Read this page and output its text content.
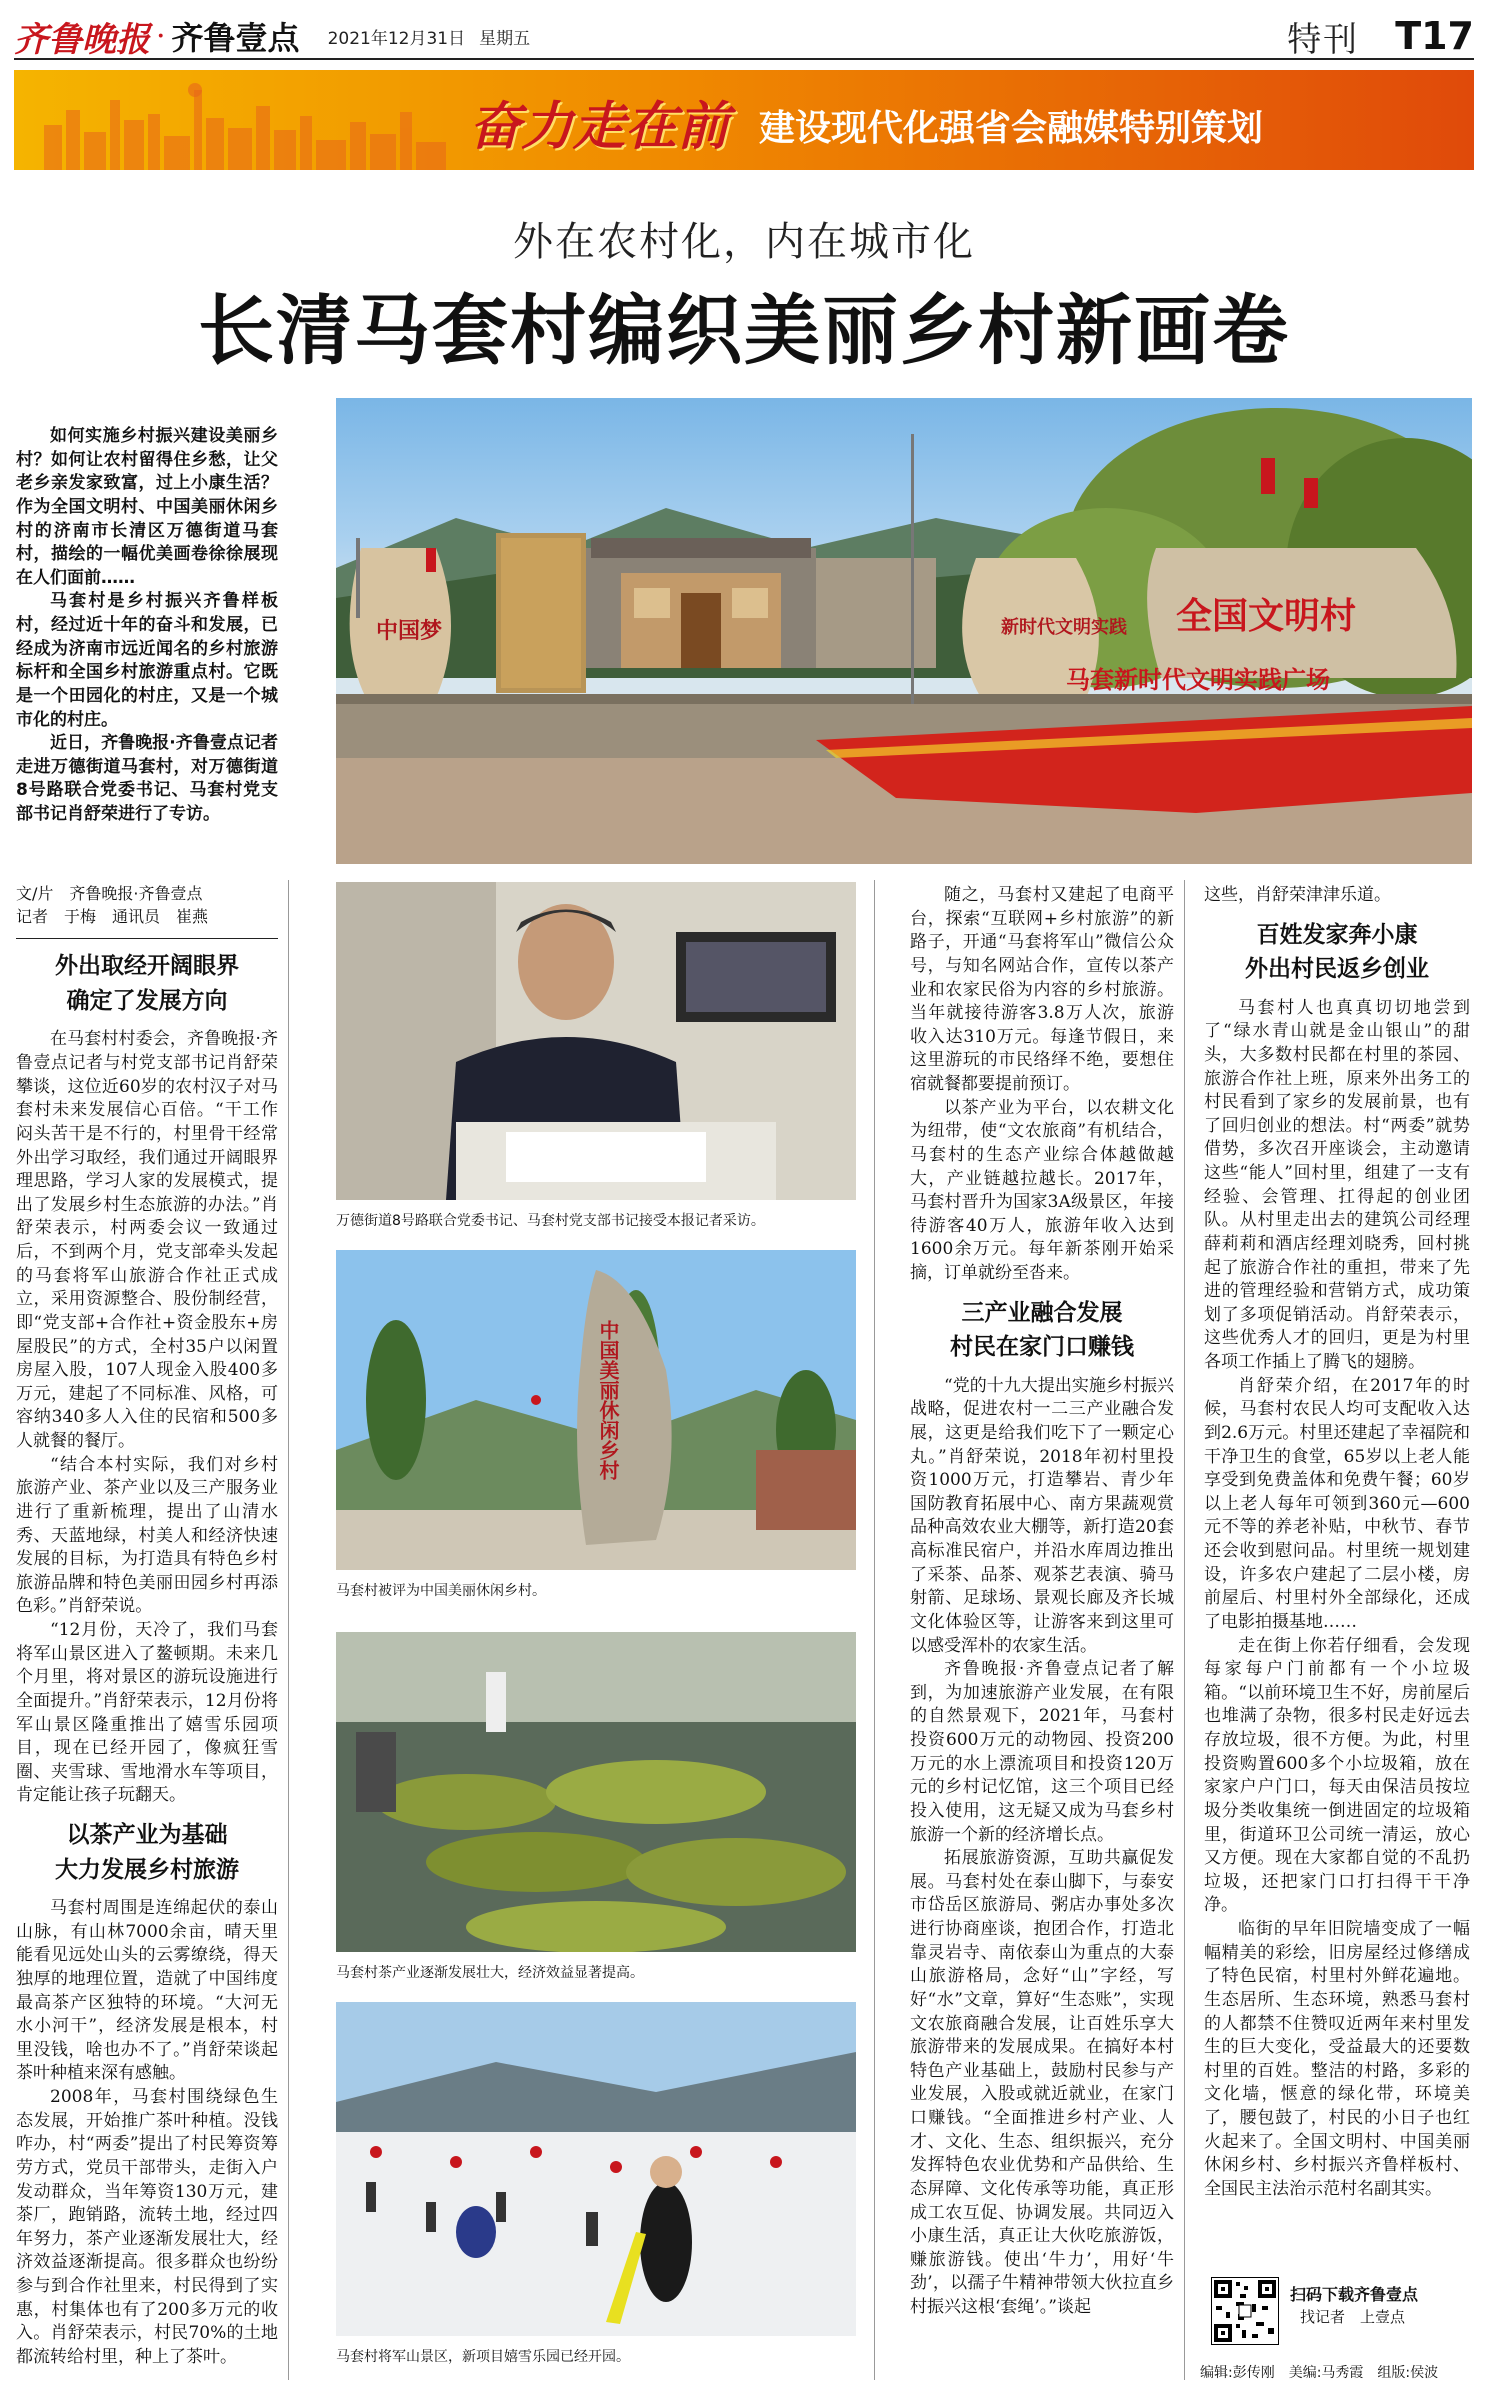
齐鲁晚报 · 齐鲁壹点 2021年12月31日 星期五	特刊 T17
奋力走在前 建设现代化强省会融媒特别策划
外在农村化，内在城市化
长清马套村编织美丽乡村新画卷

如何实施乡村振兴建设美丽乡村？如何让农村留得住乡愁，让父老乡亲发家致富，过上小康生活？作为全国文明村、中国美丽休闲乡村的济南市长清区万德街道马套村，描绘的一幅优美画卷徐徐展现在人们面前……

马套村是乡村振兴齐鲁样板村，经过近十年的奋斗和发展，已经成为济南市远近闻名的乡村旅游标杆和全国乡村旅游重点村。它既是一个田园化的村庄，又是一个城市化的村庄。

近日，齐鲁晚报·齐鲁壹点记者走进万德街道马套村，对万德街道8号路联合党委书记、马套村党支部书记肖舒荣进行了专访。

中国梦	新时代文明实践 全国文明村
马套新时代文明实践广场
文/片　齐鲁晚报·齐鲁壹点
记者　于梅　通讯员　崔燕
外出取经开阔眼界
确定了发展方向

在马套村村委会，齐鲁晚报·齐鲁壹点记者与村党支部书记肖舒荣攀谈，这位近60岁的农村汉子对马套村未来发展信心百倍。“干工作闷头苦干是不行的，村里骨干经常外出学习取经，我们通过开阔眼界理思路，学习人家的发展模式，提出了发展乡村生态旅游的办法。”肖舒荣表示，村两委会议一致通过后，不到两个月，党支部牵头发起的马套将军山旅游合作社正式成立，采用资源整合、股份制经营，即“党支部+合作社+资金股东+房屋股民”的方式，全村35户以闲置房屋入股，107人现金入股400多万元，建起了不同标准、风格，可容纳340多人入住的民宿和500多人就餐的餐厅。

“结合本村实际，我们对乡村旅游产业、茶产业以及三产服务业进行了重新梳理，提出了山清水秀、天蓝地绿，村美人和经济快速发展的目标，为打造具有特色乡村旅游品牌和特色美丽田园乡村再添色彩。”肖舒荣说。

“12月份，天冷了，我们马套将军山景区进入了鳌顿期。未来几个月里，将对景区的游玩设施进行全面提升。”肖舒荣表示，12月份将军山景区隆重推出了嬉雪乐园项目，现在已经开园了，像疯狂雪圈、夹雪球、雪地滑水车等项目，肯定能让孩子玩翻天。

以茶产业为基础
大力发展乡村旅游

马套村周围是连绵起伏的泰山山脉，有山林7000余亩，晴天里能看见远处山头的云雾缭绕，得天独厚的地理位置，造就了中国纬度最高茶产区独特的环境。“大河无水小河干”，经济发展是根本，村里没钱，啥也办不了。”肖舒荣谈起茶叶种植来深有感触。

2008年，马套村围绕绿色生态发展，开始推广茶叶种植。没钱咋办，村“两委”提出了村民筹资筹劳方式，党员干部带头，走街入户发动群众，当年筹资130万元，建茶厂，跑销路，流转土地，经过四年努力，茶产业逐渐发展壮大，经济效益逐渐提高。很多群众也纷纷参与到合作社里来，村民得到了实惠，村集体也有了200多万元的收入。肖舒荣表示，村民70%的土地都流转给村里，种上了茶叶。

万德街道8号路联合党委书记、马套村党支部书记接受本报记者采访。
中国美丽休闲乡村
马套村被评为中国美丽休闲乡村。
马套村茶产业逐渐发展壮大，经济效益显著提高。
马套村将军山景区，新项目嬉雪乐园已经开园。

随之，马套村又建起了电商平台，探索“互联网+乡村旅游”的新路子，开通“马套将军山”微信公众号，与知名网站合作，宣传以茶产业和农家民俗为内容的乡村旅游。当年就接待游客3.8万人次，旅游收入达310万元。每逢节假日，来这里游玩的市民络绎不绝，要想住宿就餐都要提前预订。

以茶产业为平台，以农耕文化为纽带，使“文农旅商”有机结合，马套村的生态产业综合体越做越大，产业链越拉越长。2017年，马套村晋升为国家3A级景区，年接待游客40万人，旅游年收入达到1600余万元。每年新茶刚开始采摘，订单就纷至沓来。

三产业融合发展
村民在家门口赚钱

“党的十九大提出实施乡村振兴战略，促进农村一二三产业融合发展，这更是给我们吃下了一颗定心丸。”肖舒荣说，2018年初村里投资1000万元，打造攀岩、青少年国防教育拓展中心、南方果蔬观赏品种高效农业大棚等，新打造20套高标准民宿户，并沿水库周边推出了采茶、品茶、观茶艺表演、骑马射箭、足球场、景观长廊及齐长城文化体验区等，让游客来到这里可以感受浑朴的农家生活。

齐鲁晚报·齐鲁壹点记者了解到，为加速旅游产业发展，在有限的自然景观下，2021年，马套村投资600万元的动物园、投资200万元的水上漂流项目和投资120万元的乡村记忆馆，这三个项目已经投入使用，这无疑又成为马套乡村旅游一个新的经济增长点。

拓展旅游资源，互助共赢促发展。马套村处在泰山脚下，与泰安市岱岳区旅游局、粥店办事处多次进行协商座谈，抱团合作，打造北靠灵岩寺、南依泰山为重点的大泰山旅游格局，念好“山”字经，写好“水”文章，算好“生态账”，实现文农旅商融合发展，让百姓乐享大旅游带来的发展成果。在搞好本村特色产业基础上，鼓励村民参与产业发展，入股或就近就业，在家门口赚钱。“全面推进乡村产业、人才、文化、生态、组织振兴，充分发挥特色农业优势和产品供给、生态屏障、文化传承等功能，真正形成工农互促、协调发展。共同迈入小康生活，真正让大伙吃旅游饭，赚旅游钱。使出‘牛力’，用好‘牛劲’，以孺子牛精神带领大伙拉直乡村振兴这根‘套绳’。”谈起

这些，肖舒荣津津乐道。
百姓发家奔小康
外出村民返乡创业

马套村人也真真切切地尝到了“绿水青山就是金山银山”的甜头，大多数村民都在村里的茶园、旅游合作社上班，原来外出务工的村民看到了家乡的发展前景，也有了回归创业的想法。村“两委”就势借势，多次召开座谈会，主动邀请这些“能人”回村里，组建了一支有经验、会管理、扛得起的创业团队。从村里走出去的建筑公司经理薛莉莉和酒店经理刘晓秀，回村挑起了旅游合作社的重担，带来了先进的管理经验和营销方式，成功策划了多项促销活动。肖舒荣表示，这些优秀人才的回归，更是为村里各项工作插上了腾飞的翅膀。

肖舒荣介绍，在2017年的时候，马套村农民人均可支配收入达到2.6万元。村里还建起了幸福院和干净卫生的食堂，65岁以上老人能享受到免费盖体和免费午餐；60岁以上老人每年可领到360元—600元不等的养老补贴，中秋节、春节还会收到慰问品。村里统一规划建设，许多农户建起了二层小楼，房前屋后、村里村外全部绿化，还成了电影拍摄基地……

走在街上你若仔细看，会发现每家每户门前都有一个小垃圾箱。“以前环境卫生不好，房前屋后也堆满了杂物，很多村民走好远去存放垃圾，很不方便。为此，村里投资购置600多个小垃圾箱，放在家家户户门口，每天由保洁员按垃圾分类收集统一倒进固定的垃圾箱里，街道环卫公司统一清运，放心又方便。现在大家都自觉的不乱扔垃圾，还把家门口打扫得干干净净。

临街的早年旧院墙变成了一幅幅精美的彩绘，旧房屋经过修缮成了特色民宿，村里村外鲜花遍地。生态居所、生态环境，熟悉马套村的人都禁不住赞叹近两年来村里发生的巨大变化，受益最大的还要数村里的百姓。整洁的村路，多彩的文化墙，惬意的绿化带，环境美了，腰包鼓了，村民的小日子也红火起来了。全国文明村、中国美丽休闲乡村、乡村振兴齐鲁样板村、全国民主法治示范村名副其实。

扫码下载齐鲁壹点
找记者　上壹点
编辑:彭传刚　美编:马秀霞　组版:侯波
